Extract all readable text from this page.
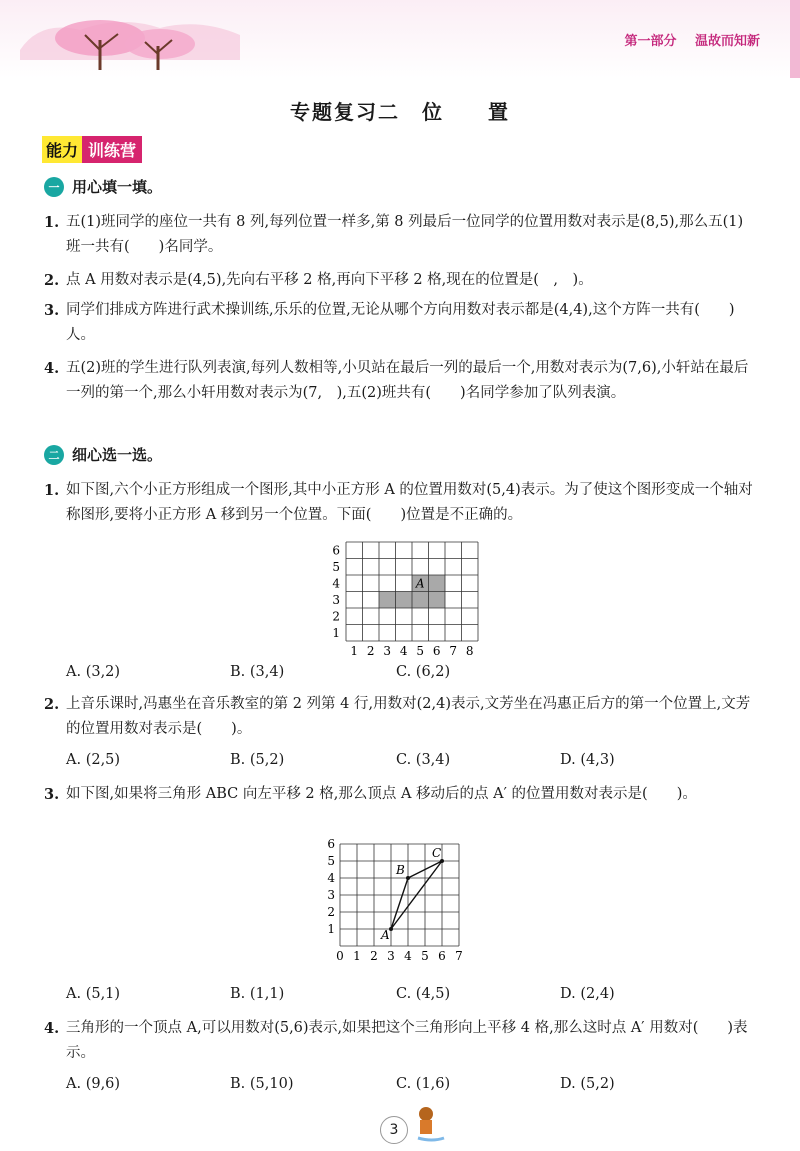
第一部分 温故而知新
专题复习二　位　　置
能力 训练营
一 用心填一填。
1. 五(1)班同学的座位一共有 8 列,每列位置一样多,第 8 列最后一位同学的位置用数对表示是(8,5),那么五(1)班一共有(　　)名同学。
2. 点 A 用数对表示是(4,5),先向右平移 2 格,再向下平移 2 格,现在的位置是(　,　)。
3. 同学们排成方阵进行武术操训练,乐乐的位置,无论从哪个方向用数对表示都是(4,4),这个方阵一共有(　　)人。
4. 五(2)班的学生进行队列表演,每列人数相等,小贝站在最后一列的最后一个,用数对表示为(7,6),小轩站在最后一列的第一个,那么小轩用数对表示为(7,　),五(2)班共有(　　)名同学参加了队列表演。
二 细心选一选。
1. 如下图,六个小正方形组成一个图形,其中小正方形 A 的位置用数对(5,4)表示。为了使这个图形变成一个轴对称图形,要将小正方形 A 移到另一个位置。下面(　　)位置是不正确的。
1 2 3 4 5 6 7 8
1
2
3
4
5
6
A
A. (3,2)	B. (3,4)	C. (6,2)
2. 上音乐课时,冯惠坐在音乐教室的第 2 列第 4 行,用数对(2,4)表示,文芳坐在冯惠正后方的第一个位置上,文芳的位置用数对表示是(　　)。
A. (2,5)	B. (5,2)	C. (3,4)	D. (4,3)
3. 如下图,如果将三角形 ABC 向左平移 2 格,那么顶点 A 移动后的点 A′ 的位置用数对表示是(　　)。
0 1 2 3 4 5 6 7
1
2
3
4
5
6
A
B
C
A. (5,1)	B. (1,1)	C. (4,5)	D. (2,4)
4. 三角形的一个顶点 A,可以用数对(5,6)表示,如果把这个三角形向上平移 4 格,那么这时点 A′ 用数对(　　)表示。
A. (9,6)	B. (5,10)	C. (1,6)	D. (5,2)
3
